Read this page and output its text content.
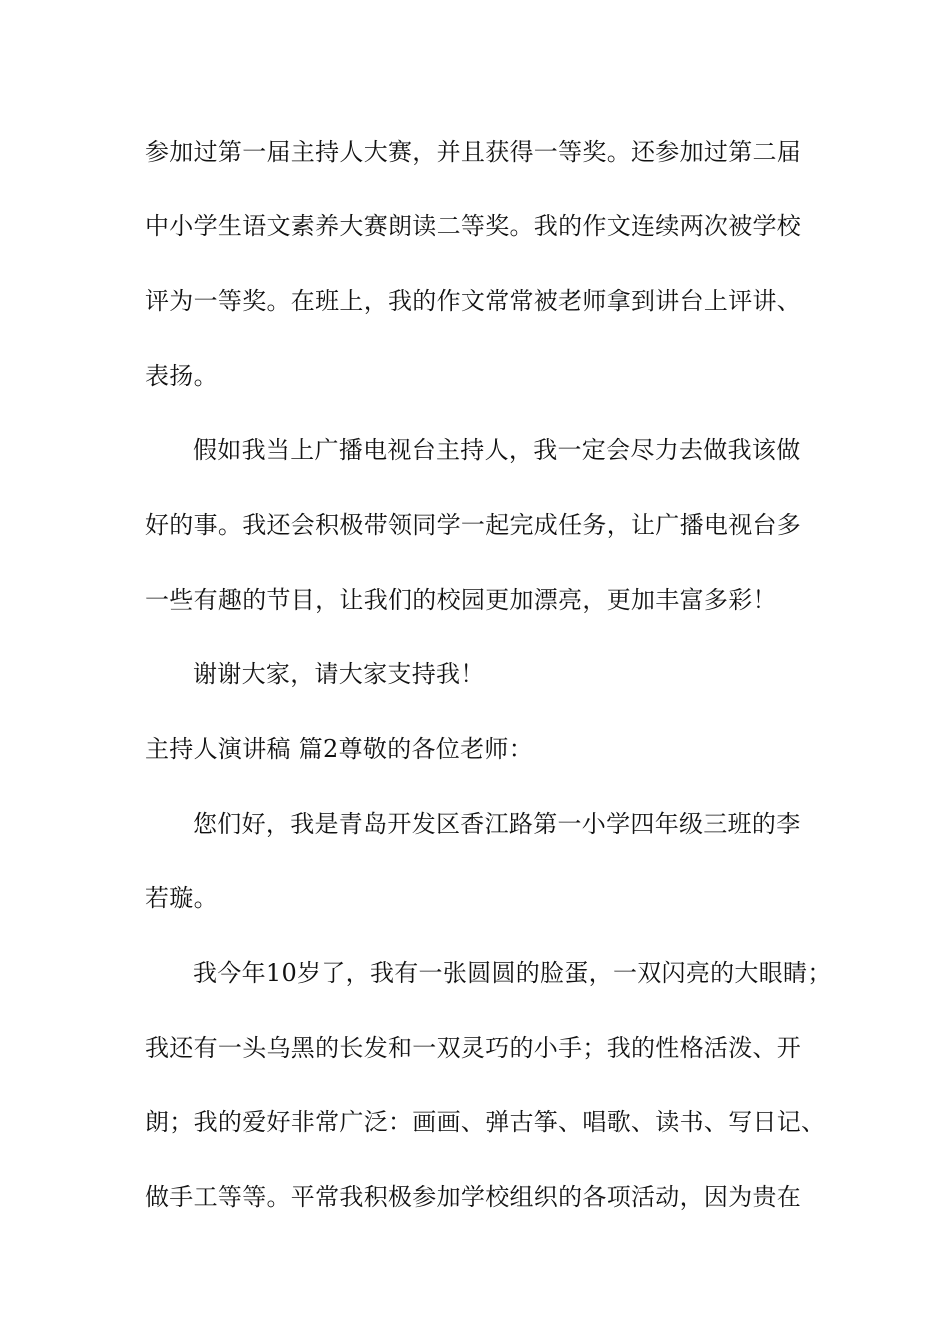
参加过第一届主持人大赛，并且获得一等奖。还参加过第二届
中小学生语文素养大赛朗读二等奖。我的作文连续两次被学校
评为一等奖。在班上，我的作文常常被老师拿到讲台上评讲、
表扬。
假如我当上广播电视台主持人，我一定会尽力去做我该做
好的事。我还会积极带领同学一起完成任务，让广播电视台多
一些有趣的节目，让我们的校园更加漂亮，更加丰富多彩！
谢谢大家，请大家支持我！
主持人演讲稿 篇2尊敬的各位老师：
您们好，我是青岛开发区香江路第一小学四年级三班的李
若璇。
我今年10岁了，我有一张圆圆的脸蛋，一双闪亮的大眼睛；
我还有一头乌黑的长发和一双灵巧的小手；我的性格活泼、开
朗；我的爱好非常广泛：画画、弹古筝、唱歌、读书、写日记、
做手工等等。平常我积极参加学校组织的各项活动，因为贵在
